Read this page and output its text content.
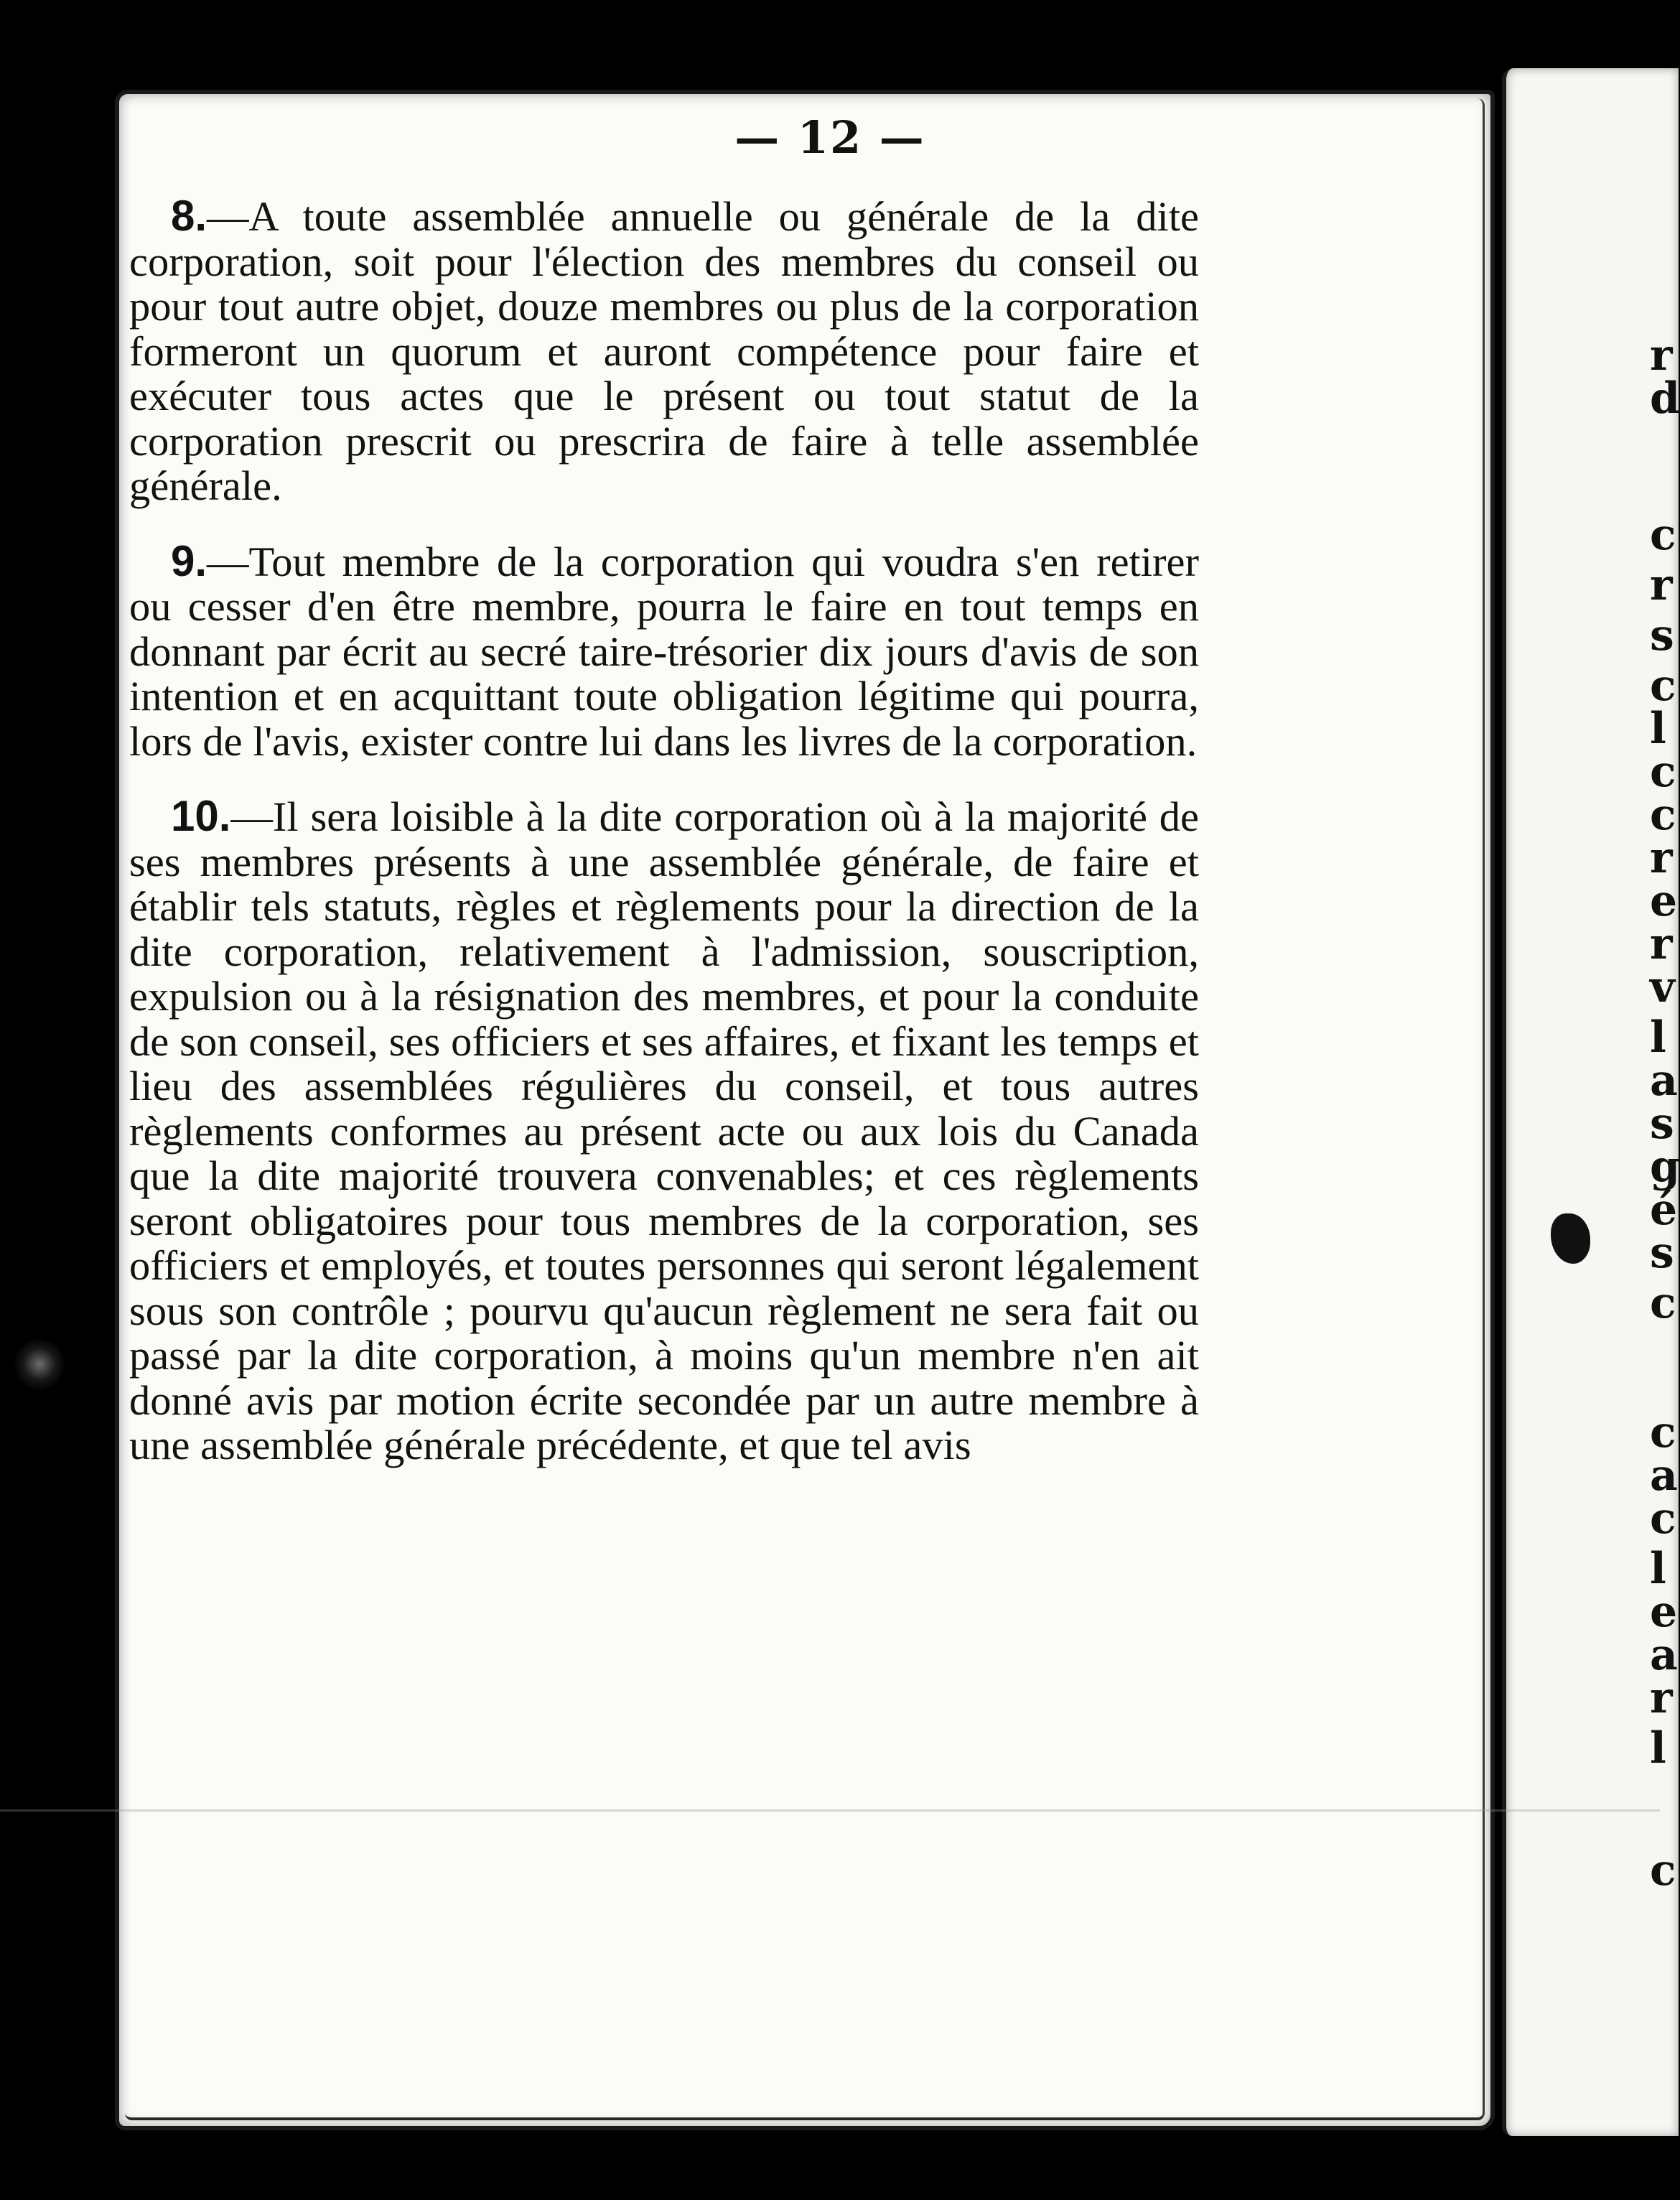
r
d
c
r
s
c
l
c
c
r
e
r
v
l
a
s
g
é
s
c
c
a
c
l
e
a
r
l
c
— 12 —

8.—A toute assemblée annuelle ou générale de la dite corporation, soit pour l'élection des membres du conseil ou pour tout autre objet, douze membres ou plus de la corporation formeront un quorum et auront compétence pour faire et exécuter tous actes que le présent ou tout statut de la corporation prescrit ou prescrira de faire à telle assemblée générale.

9.—Tout membre de la corporation qui voudra s'en retirer ou cesser d'en être membre, pourra le faire en tout temps en donnant par écrit au secré taire-trésorier dix jours d'avis de son intention et en acquittant toute obligation légitime qui pourra, lors de l'avis, exister contre lui dans les livres de la corporation.

10.—Il sera loisible à la dite corporation où à la majorité de ses membres présents à une assemblée générale, de faire et établir tels statuts, règles et règlements pour la direction de la dite corporation, relativement à l'admission, souscription, expulsion ou à la résignation des membres, et pour la conduite de son conseil, ses officiers et ses affaires, et fixant les temps et lieu des assemblées régulières du conseil, et tous autres règlements conformes au présent acte ou aux lois du Canada que la dite majorité trouvera convenables; et ces règlements seront obligatoires pour tous membres de la corporation, ses officiers et employés, et toutes personnes qui seront légalement sous son contrôle ; pourvu qu'aucun règlement ne sera fait ou passé par la dite corporation, à moins qu'un membre n'en ait donné avis par motion écrite secondée par un autre membre à une assemblée générale précédente, et que tel avis
